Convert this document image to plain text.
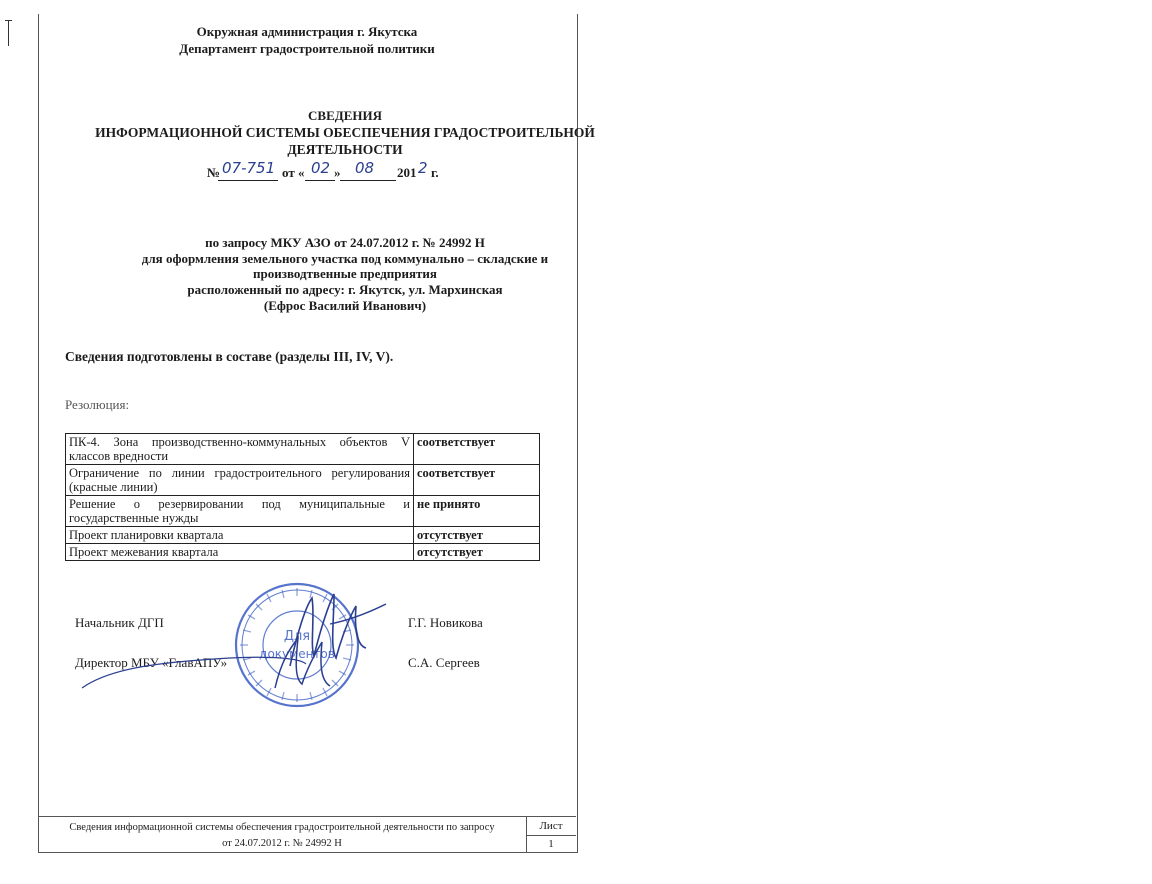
Окружная администрация г. Якутска
Департамент градостроительной политики
СВЕДЕНИЯ
ИНФОРМАЦИОННОЙ СИСТЕМЫ ОБЕСПЕЧЕНИЯ ГРАДОСТРОИТЕЛЬНОЙ
ДЕЯТЕЛЬНОСТИ
№ 07-751 от « 02 » 08 201 2 г.
по запросу МКУ АЗО от 24.07.2012 г. № 24992 Н
для оформления земельного участка под коммунально – складские и
производтвенные предприятия
расположенный по адресу: г. Якутск, ул. Мархинская
(Ефрос Василий Иванович)
Сведения подготовлены в составе (разделы III, IV, V).
Резолюция:
ПК-4. Зона производственно-коммунальных объектов V классов вредности	соответствует
Ограничение по линии градостроительного регулирования (красные линии)	соответствует
Решение о резервировании под муниципальные и государственные нужды	не принято
Проект планировки квартала	отсутствует
Проект межевания квартала	отсутствует
Начальник ДГП	Г.Г. Новикова
Директор МБУ «ГлавАПУ»	С.А. Сергеев
Для
документов
Сведения информационной системы обеспечения градостроительной деятельности по запросу
от 24.07.2012 г. № 24992 Н
Лист
1
